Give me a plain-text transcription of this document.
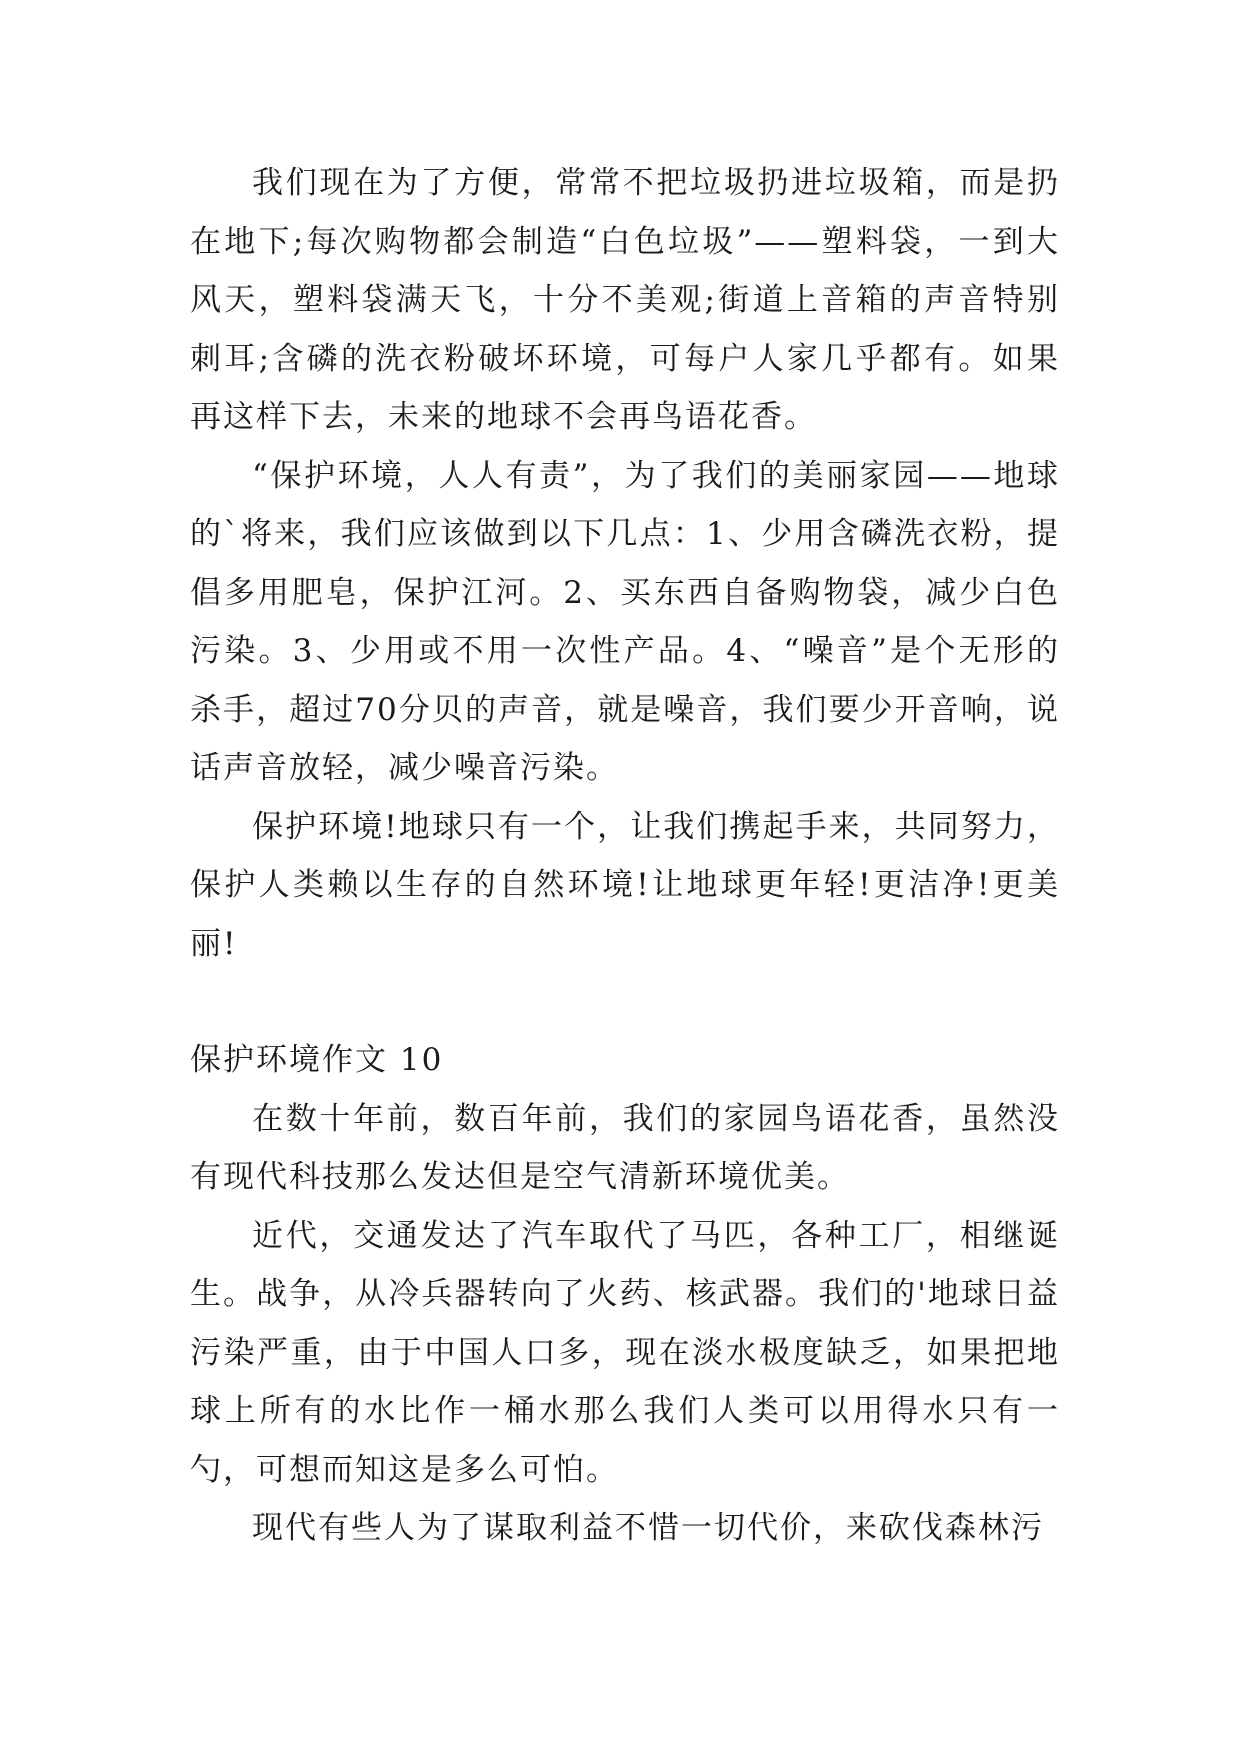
我们现在为了方便，常常不把垃圾扔进垃圾箱，而是扔在地下;每次购物都会制造“白色垃圾”——塑料袋，一到大风天，塑料袋满天飞，十分不美观;街道上音箱的声音特别刺耳;含磷的洗衣粉破坏环境，可每户人家几乎都有。如果再这样下去，未来的地球不会再鸟语花香。

“保护环境，人人有责”，为了我们的美丽家园——地球的`将来，我们应该做到以下几点：1、少用含磷洗衣粉，提倡多用肥皂，保护江河。2、买东西自备购物袋，减少白色污染。3、少用或不用一次性产品。4、“噪音”是个无形的杀手，超过70分贝的声音，就是噪音，我们要少开音响，说话声音放轻，减少噪音污染。

保护环境!地球只有一个，让我们携起手来，共同努力，保护人类赖以生存的自然环境!让地球更年轻!更洁净!更美丽!

保护环境作文 10

在数十年前，数百年前，我们的家园鸟语花香，虽然没有现代科技那么发达但是空气清新环境优美。

近代，交通发达了汽车取代了马匹，各种工厂，相继诞生。战争，从冷兵器转向了火药、核武器。我们的'地球日益污染严重，由于中国人口多，现在淡水极度缺乏，如果把地球上所有的水比作一桶水那么我们人类可以用得水只有一勺，可想而知这是多么可怕。

现代有些人为了谋取利益不惜一切代价，来砍伐森林污
